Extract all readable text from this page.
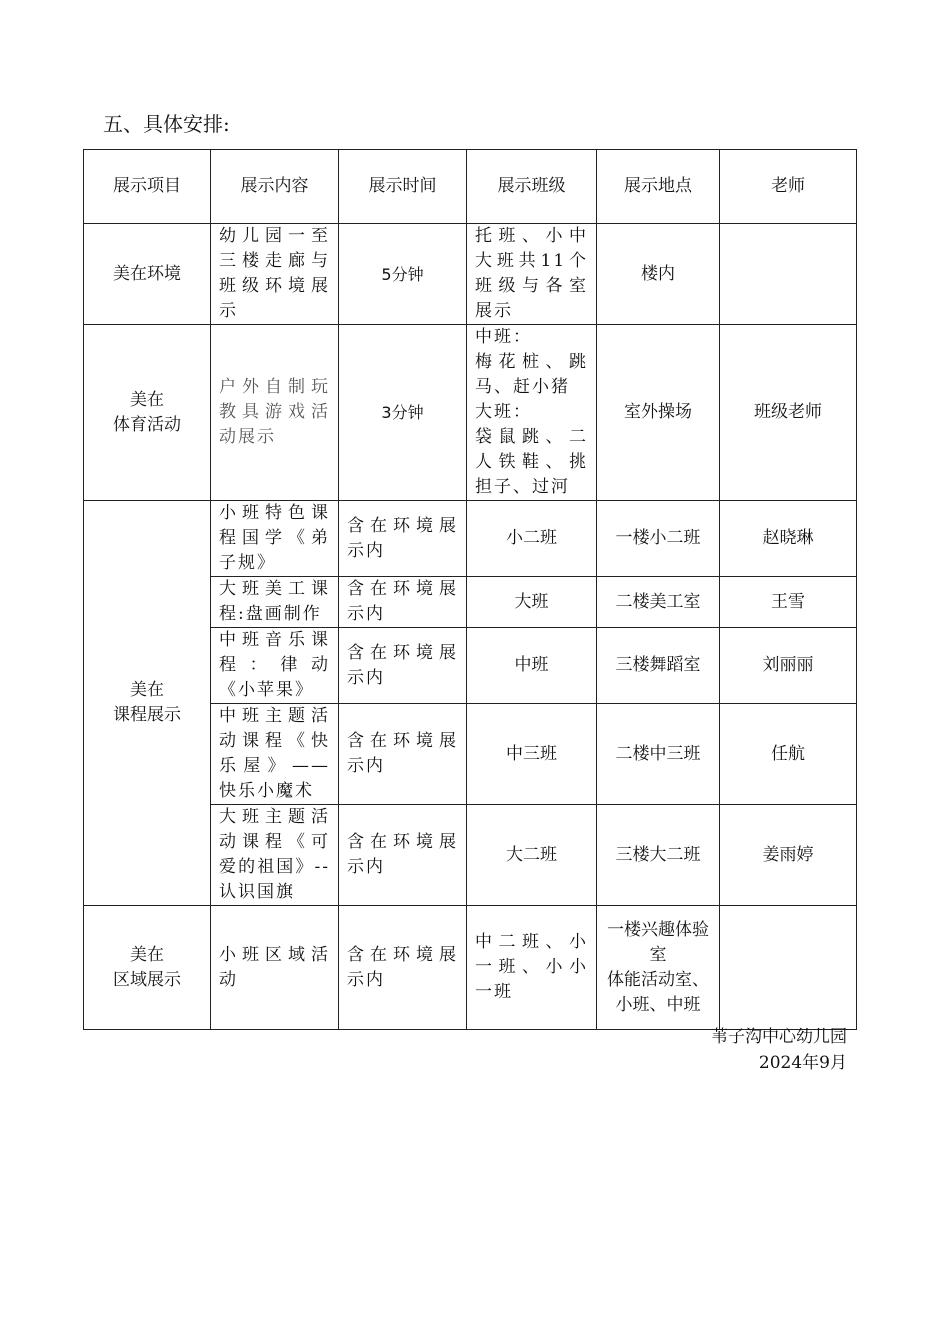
五、具体安排:
展示项目	展示内容	展示时间	展示班级	展示地点	老师
美在环境	幼儿园一至三楼走廊与班级环境展示	5分钟	托班、小中大班共11个班级与各室展示	楼内	

美在
体育活动	户外自制玩教具游戏活动展示	3分钟	中班：
梅花桩、跳马、赶小猪
大班：
袋鼠跳、二人铁鞋、挑担子、过河	室外操场	班级老师

美在
课程展示	小班特色课程国学《弟子规》	含在环境展示内	小二班	一楼小二班	赵晓琳
	大班美工课程:盘画制作	含在环境展示内	大班	二楼美工室	王雪
	中班音乐课程：律动《小苹果》	含在环境展示内	中班	三楼舞蹈室	刘丽丽
	中班主题活动课程《快乐屋》——快乐小魔术	含在环境展示内	中三班	二楼中三班	任航
	大班主题活动课程《可爱的祖国》--认识国旗	含在环境展示内	大二班	三楼大二班	姜雨婷

美在
区域展示	小班区域活动	含在环境展示内	中二班、小一班、小小一班	一楼兴趣体验室
体能活动室、
小班、中班	

苇子沟中心幼儿园
2024年9月
